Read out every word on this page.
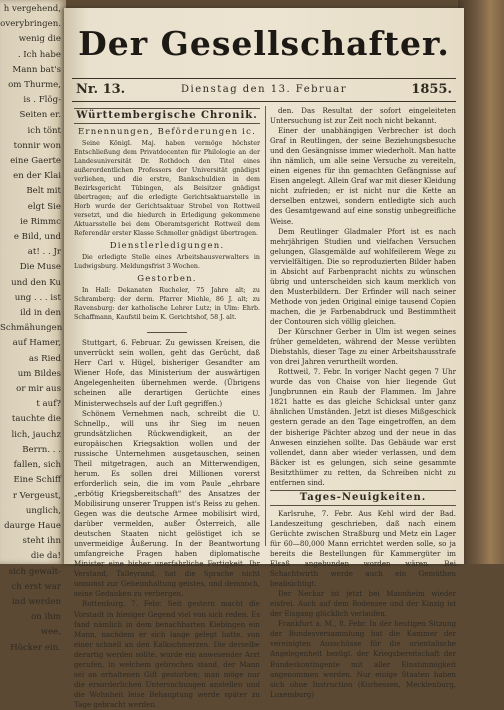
h vergehend,

overybringen.

wenig die

. Ich habe

Mann bat's

om Thurme,

is . Flög-

Seiten er.

ich tönt

tonnir won

eine Gaerte

en der Klai

Belt mit

elgt Sie

ie Rimmc

e Bild, und

at! . . Jr

Die Muse

und den Ku

ung . . . ist

ild in den

Schmähungen

auf Hamer,

as Ried

um Bildes

or mir aus

t auf?

tauchte die

lich, jauchz

Berrn. . .

fallen, sich

Eine Schiff

r Vergeust,

unglich,

daurge Haue

steht ihn

die da!

sich gewalt-

ch erst war

ind werden

on ihm

wee,

Höcker ein.

Der Gesellschafter.
Nr. 13.	Dienstag den 13. Februar	1855.
Württembergische Chronik.
Ernennungen, Beförderungen ic.

Seine Königl. Maj. haben vermöge höchster Entschließung dem Privatdocenten für Philologie an der Landesuniversität Dr. Rothdoch den Titel eines außerordentlichen Professors der Universität gnädigst verliehen, und die erstre, Bankschuldien in dem Bezirksgericht Tübingen, als Beisitzer gnädigst übertragen; auf die erledigte Gerichtsaktuarstelle in Horb wurde der Gerichtsaktuar Strobel von Rottweil versetzt, und die hiedurch in Erledigung gekommene Aktuarsstelle bei dem Oberamtsgericht Rottweil dem Referendär erster Klasse Schmoller gnädigst übertragen.

Dienstlerledigungen.

Die erledigte Stelle eines Arbeitshausverwalters in Ludwigsburg. Meldungsfrist 3 Wochen.

Gestorben.

In Hall: Dekanaten Rucheler, 75 Jahre alt; zu Schramberg: der derm. Pfarrer Miehle, 86 J. alt; zu Ravensburg: der katholische Lehrer Lutz; in Ulm: Ehrb. Schaffmann, Kaufstil beim K. Gerichtshof, 58 J. alt.

Stuttgart, 6. Februar. Zu gewissen Kreisen, die unverrückt sein wollen, geht das Gerücht, daß Herr Carl v. Hügel, bisheriger Gesandter am Wiener Hofe, das Ministerium der auswärtigen Angelegenheiten übernehmen werde. (Übrigens scheinen alle derartigen Gerüchte eines Ministerwechsels auf der Luft gegriffen.)

Schönem Vernehmen nach, schreibt die U. Schnellp., will uns ihr Sieg im neuen grundsätzlichen Rückwendigkeit, an der europäischen Kriegsaktion wollen und der russische Unternehmen ausgetauschen, seinen Theil mitgetragen, auch an Mitterwendigen, herum. Es sollen drei Millionen vorerst erforderlich sein, die im vom Paule „ehrbare „erbötig Kriegsbereitschaft" des Ansatzes der Mobilisirung unserer Truppen ist's Reiss zu gehen. Gegen was die deutsche Armee mobilisirt wird, darüber vermelden, außer Österreich, alle deutschen Staaten nicht gelöstiget ich se unvermeidige Äußerung. In der Beantwortung umfangreiche Fragen haben diplomatische Minister eine bisher unerfahrliche Fertigkeit. Ihr Verstand, Talleyrand, hat die Sprache nicht umsonst zur Geheimhaltung geistes, und demnoch, seine Gedanken zu verbergen.

Rottenburg, 7. Febr. Seit gestern macht die Vorstadt in hiesiger Gegend viel von sich reden. Es fand nämlich in dem benachbarten Kiebingen ein Mann, nachdem er sich lange gelegt hatte, von einer schnell an den Kalkschmerzen. Die derselbe derartig werden sollte, wurde ein anwesender Arzt gerufen, in welchem gebrochen stand, der Mann sei an erhaltenen Gift gestorben; man möge nur die ersorderlichen Untersuchungen anstellen und die Wohnheit leise Behauptung werde später zu Tage gebracht werden.

den. Das Resultat der sofort eingeleiteten Untersuchung ist zur Zeit noch nicht bekannt.

Einer der unabhängigen Verbrecher ist doch Graf in Reutlingen, der seine Beziehungsbesuche und den Gesängnisse immer wiederholt. Man hatte ihn nämlich, um alle seine Versuche zu vereiteln, einen eigenes für ihn gemachten Gefängnisse auf Eisen angelegt. Allein Graf war mit dieser Kleidung nicht zufrieden; er ist nicht nur die Kette an derselben entzwei, sondern entledigte sich auch des Gesamtgewand auf eine sonstig unbegreifliche Weise.

Dem Reutlinger Gladmaler Pfort ist es nach mehrjährigen Studien und vielfachen Versuchen gelungen, Glasgemälde auf wohlfeilerem Wege zu vervielfältigen. Die so reproduzierten Bilder haben in Absicht auf Farbenpracht nichts zu wünschen übrig und unterscheiden sich kaum merklich von den Musterbildern. Der Erfinder will nach seiner Methode von jeden Original einige tausend Copien machen, die je Farbenabdruck und Bestimmtheit der Contouren sich völlig gleichen.

Der Kürschner Gerber in Ulm ist wegen seines früher gemeldeten, während der Messe verübten Diebstahls, dieser Tage zu einer Arbeitshausstrafe von drei Jahren verurtheilt worden.

Rottweil, 7. Febr. In voriger Nacht gegen 7 Uhr wurde das von Chaise von hier liegende Gut Jungbrunnen ein Raub der Flammen. Im Jahre 1821 hatte es das gleiche Schicksal unter ganz ähnlichen Umständen. Jetzt ist dieses Mißgeschick gestern gerade an den Tage eingetroffen, an dem der bisherige Pächter abzog und der neue in das Anwesen einziehen sollte. Das Gebäude war erst vollendet, dann aber wieder verlassen, und dem Bäcker ist es gelungen, sich seine gesammte Besitzthümer zu retten, da Schreiben nicht zu entfernen sind.

Tages-Neuigkeiten.

Karlsruhe, 7. Febr. Aus Kehl wird der Bad. Landeszeitung geschrieben, daß nach einem Gerüchte zwischen Straßburg und Metz ein Lager für 60—80,000 Mann errichtet werden solle, so ja bereits die Bestellungen für Kammergüter im Elsaß angebunden worden wären. Bei Schachtwirth werde auch ein Gemüthen beabsichtigt.

Der Neckar ist jetzt bei Mannheim wieder eisfrei. Auch auf dem Bodensee und der Kinzig ist der Eisgang glücklich verlaufen.

Frankfurt a. M., 8. Febr. In der heutigen Sitzung der Bundesversammlung hat die Kammer der vereinigten Ausschüsse für die orientalische Angelegenheit bezügl. der Kriegsbereitschaft der Bundeskontingente mit aller Einstimmigkeit angenommen werden. Nur einige Staaten haben sich ohne Instruction (Kurhessen, Mecklenburg, Luxemburg)
